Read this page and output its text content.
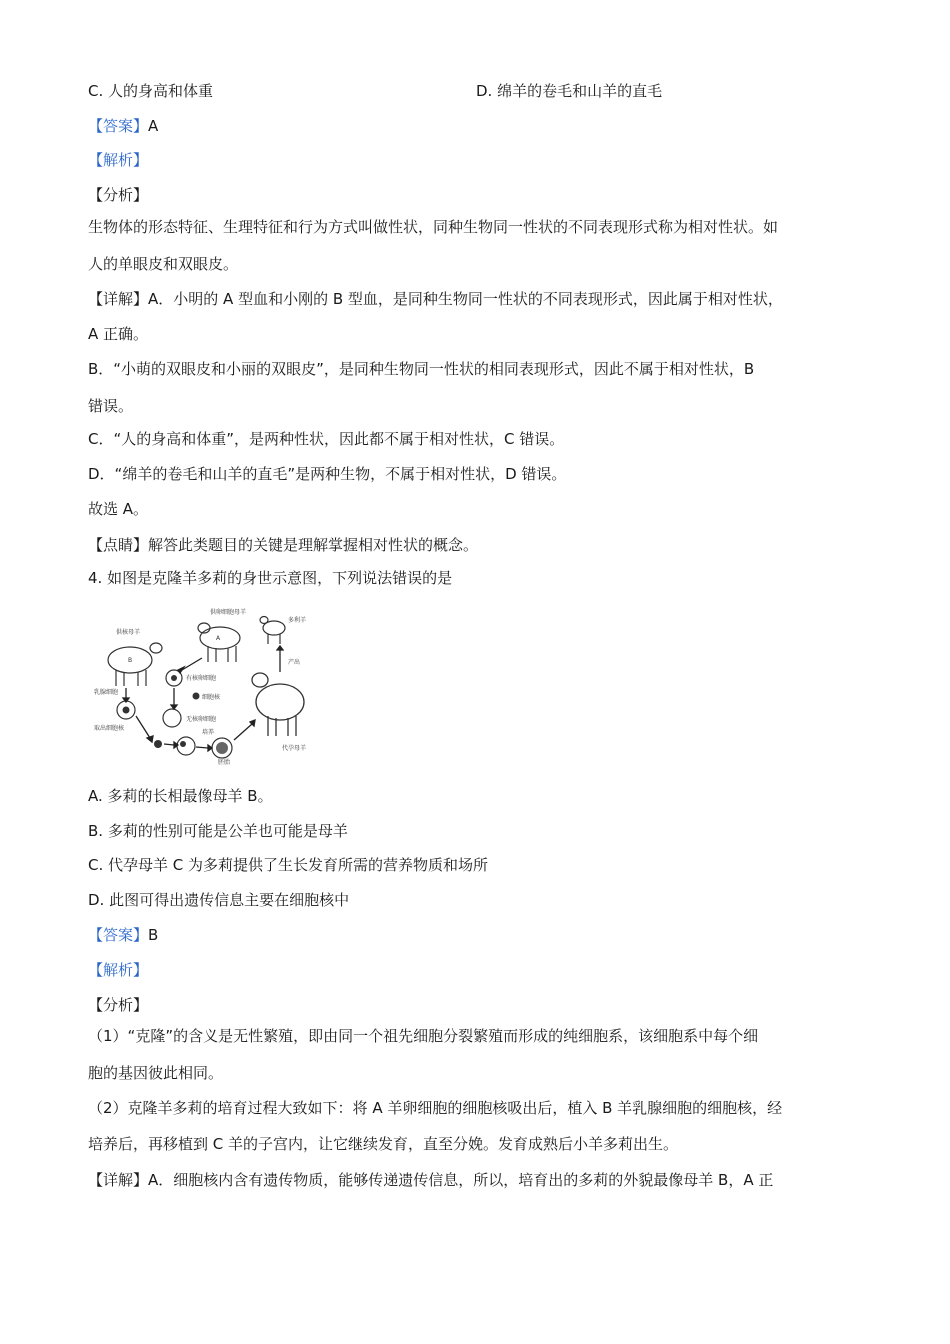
C. 人的身高和体重	D. 绵羊的卷毛和山羊的直毛
【答案】A
【解析】
【分析】
生物体的形态特征、生理特征和行为方式叫做性状，同种生物同一性状的不同表现形式称为相对性状。如
人的单眼皮和双眼皮。
【详解】A．小明的 A 型血和小刚的 B 型血，是同种生物同一性状的不同表现形式，因此属于相对性状，
A 正确。
B．“小萌的双眼皮和小丽的双眼皮”，是同种生物同一性状的相同表现形式，因此不属于相对性状，B
错误。
C．“人的身高和体重”，是两种性状，因此都不属于相对性状，C 错误。
D．“绵羊的卷毛和山羊的直毛”是两种生物，不属于相对性状，D 错误。
故选 A。
【点睛】解答此类题目的关键是理解掌握相对性状的概念。
4. 如图是克隆羊多莉的身世示意图，下列说法错误的是
供核母羊
B
供卵细胞母羊
A
多利羊
产出
代孕母羊
乳腺细胞
取出细胞核
有核卵细胞
细胞核
无核卵细胞
培养
胚胎
A. 多莉的长相最像母羊 B。
B. 多莉的性别可能是公羊也可能是母羊
C. 代孕母羊 C 为多莉提供了生长发育所需的营养物质和场所
D. 此图可得出遗传信息主要在细胞核中
【答案】B
【解析】
【分析】
（1）“克隆”的含义是无性繁殖，即由同一个祖先细胞分裂繁殖而形成的纯细胞系，该细胞系中每个细
胞的基因彼此相同。
（2）克隆羊多莉的培育过程大致如下：将 A 羊卵细胞的细胞核吸出后，植入 B 羊乳腺细胞的细胞核，经
培养后，再移植到 C 羊的子宫内，让它继续发育，直至分娩。发育成熟后小羊多莉出生。
【详解】A．细胞核内含有遗传物质，能够传递遗传信息，所以，培育出的多莉的外貌最像母羊 B，A 正
